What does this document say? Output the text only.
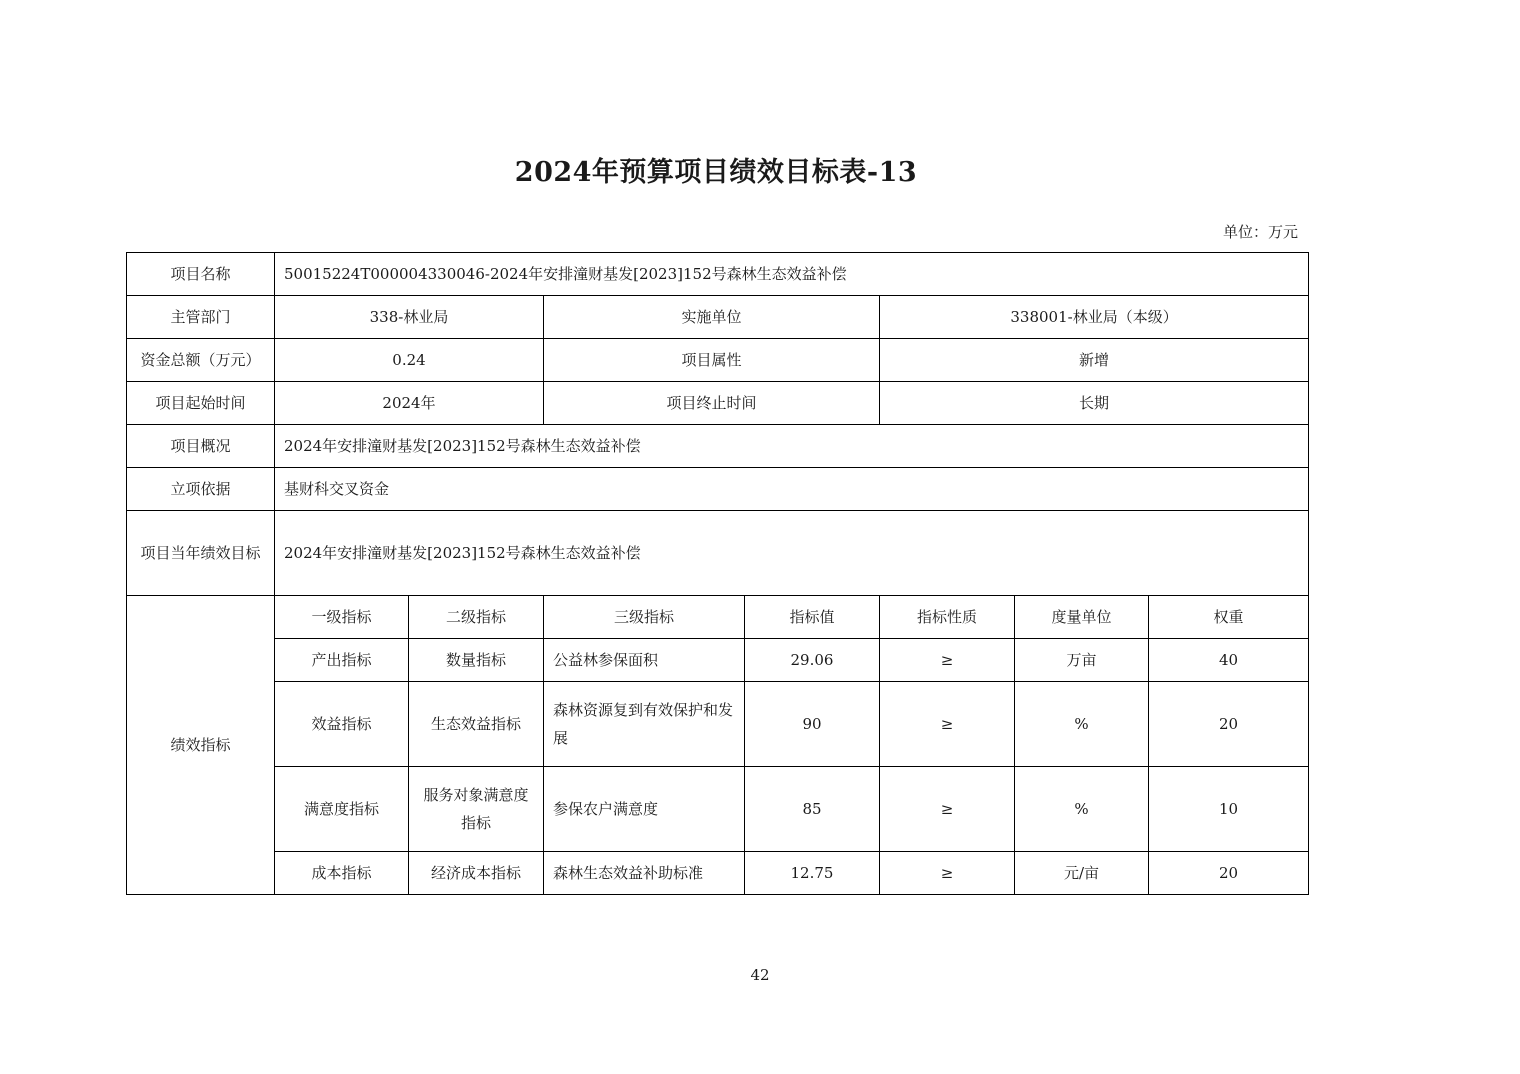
2024年预算项目绩效目标表-13
单位：万元
项目名称	50015224T000004330046-2024年安排潼财基发[2023]152号森林生态效益补偿						
主管部门	338-林业局		实施单位		338001-林业局（本级）		
资金总额（万元）	0.24		项目属性		新增		
项目起始时间	2024年		项目终止时间		长期		
项目概况	2024年安排潼财基发[2023]152号森林生态效益补偿						
立项依据	基财科交叉资金						
项目当年绩效目标	2024年安排潼财基发[2023]152号森林生态效益补偿						
绩效指标	一级指标	二级指标	三级指标	指标值	指标性质	度量单位	权重
	产出指标	数量指标	公益林参保面积	29.06	≥	万亩	40
	效益指标	生态效益指标	森林资源复到有效保护和发展	90	≥	%	20
	满意度指标	服务对象满意度指标	参保农户满意度	85	≥	%	10
	成本指标	经济成本指标	森林生态效益补助标准	12.75	≥	元/亩	20
42
